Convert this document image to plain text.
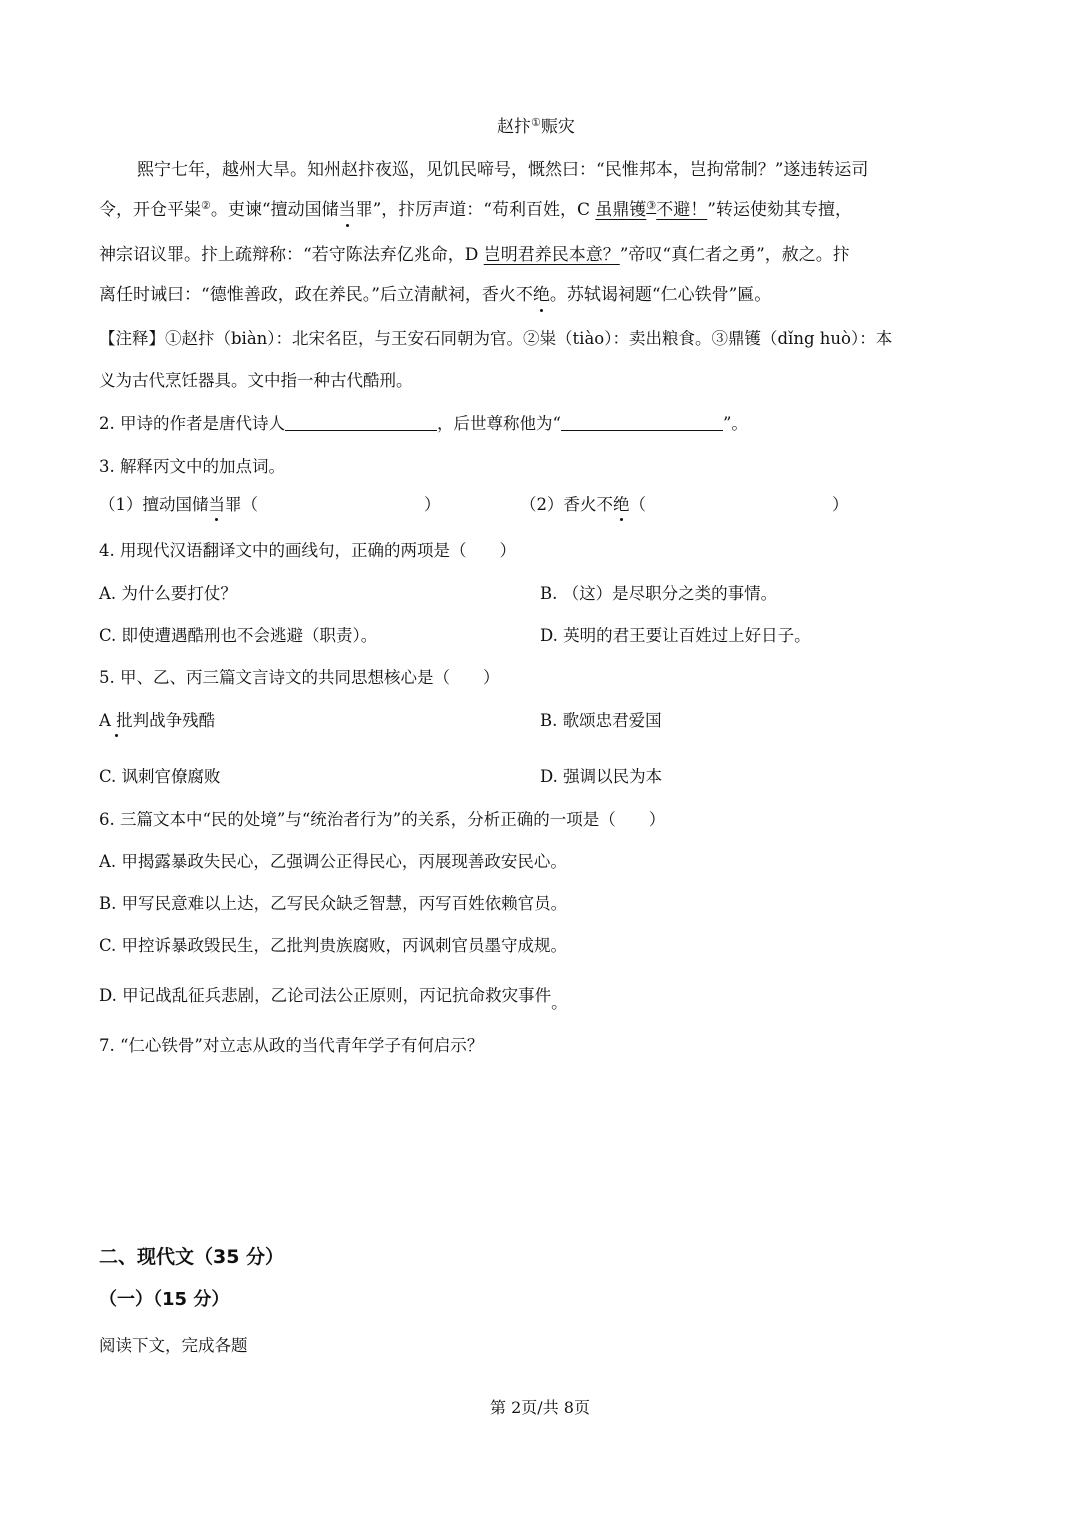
赵抃①赈灾
熙宁七年，越州大旱。知州赵抃夜巡，见饥民啼号，慨然曰：“民惟邦本，岂拘常制？”遂违转运司
令，开仓平粜②。吏谏“擅动国储当罪”，抃厉声道：“苟利百姓，C 虽鼎镬③不避！”转运使劾其专擅，
神宗诏议罪。抃上疏辩称：“若守陈法弃亿兆命，D 岂明君养民本意？”帝叹“真仁者之勇”，赦之。抃
离任时诫曰：“德惟善政，政在养民。”后立清献祠，香火不绝。苏轼谒祠题“仁心铁骨”匾。
【注释】①赵抃（biàn）：北宋名臣，与王安石同朝为官。②粜（tiào）：卖出粮食。③鼎镬（dǐng huò）：本
义为古代烹饪器具。文中指一种古代酷刑。
2. 甲诗的作者是唐代诗人	，后世尊称他为“	”。
3. 解释丙文中的加点词。
（1）擅动国储当罪（	）	（2）香火不绝（	）
4. 用现代汉语翻译文中的画线句，正确的两项是（　　）
A. 为什么要打仗？	B. （这）是尽职分之类的事情。
C. 即使遭遇酷刑也不会逃避（职责）。	D. 英明的君王要让百姓过上好日子。
5. 甲、乙、丙三篇文言诗文的共同思想核心是（　　）
A 批判战争残酷	B. 歌颂忠君爱国
C. 讽刺官僚腐败	D. 强调以民为本
6. 三篇文本中“民的处境”与“统治者行为”的关系，分析正确的一项是（　　）
A. 甲揭露暴政失民心，乙强调公正得民心，丙展现善政安民心。
B. 甲写民意难以上达，乙写民众缺乏智慧，丙写百姓依赖官员。
C. 甲控诉暴政毁民生，乙批判贵族腐败，丙讽刺官员墨守成规。
D. 甲记战乱征兵悲剧，乙论司法公正原则，丙记抗命救灾事件。
7. “仁心铁骨”对立志从政的当代青年学子有何启示？
二、现代文（35 分）
（一）（15 分）
阅读下文，完成各题
第 2页/共 8页
